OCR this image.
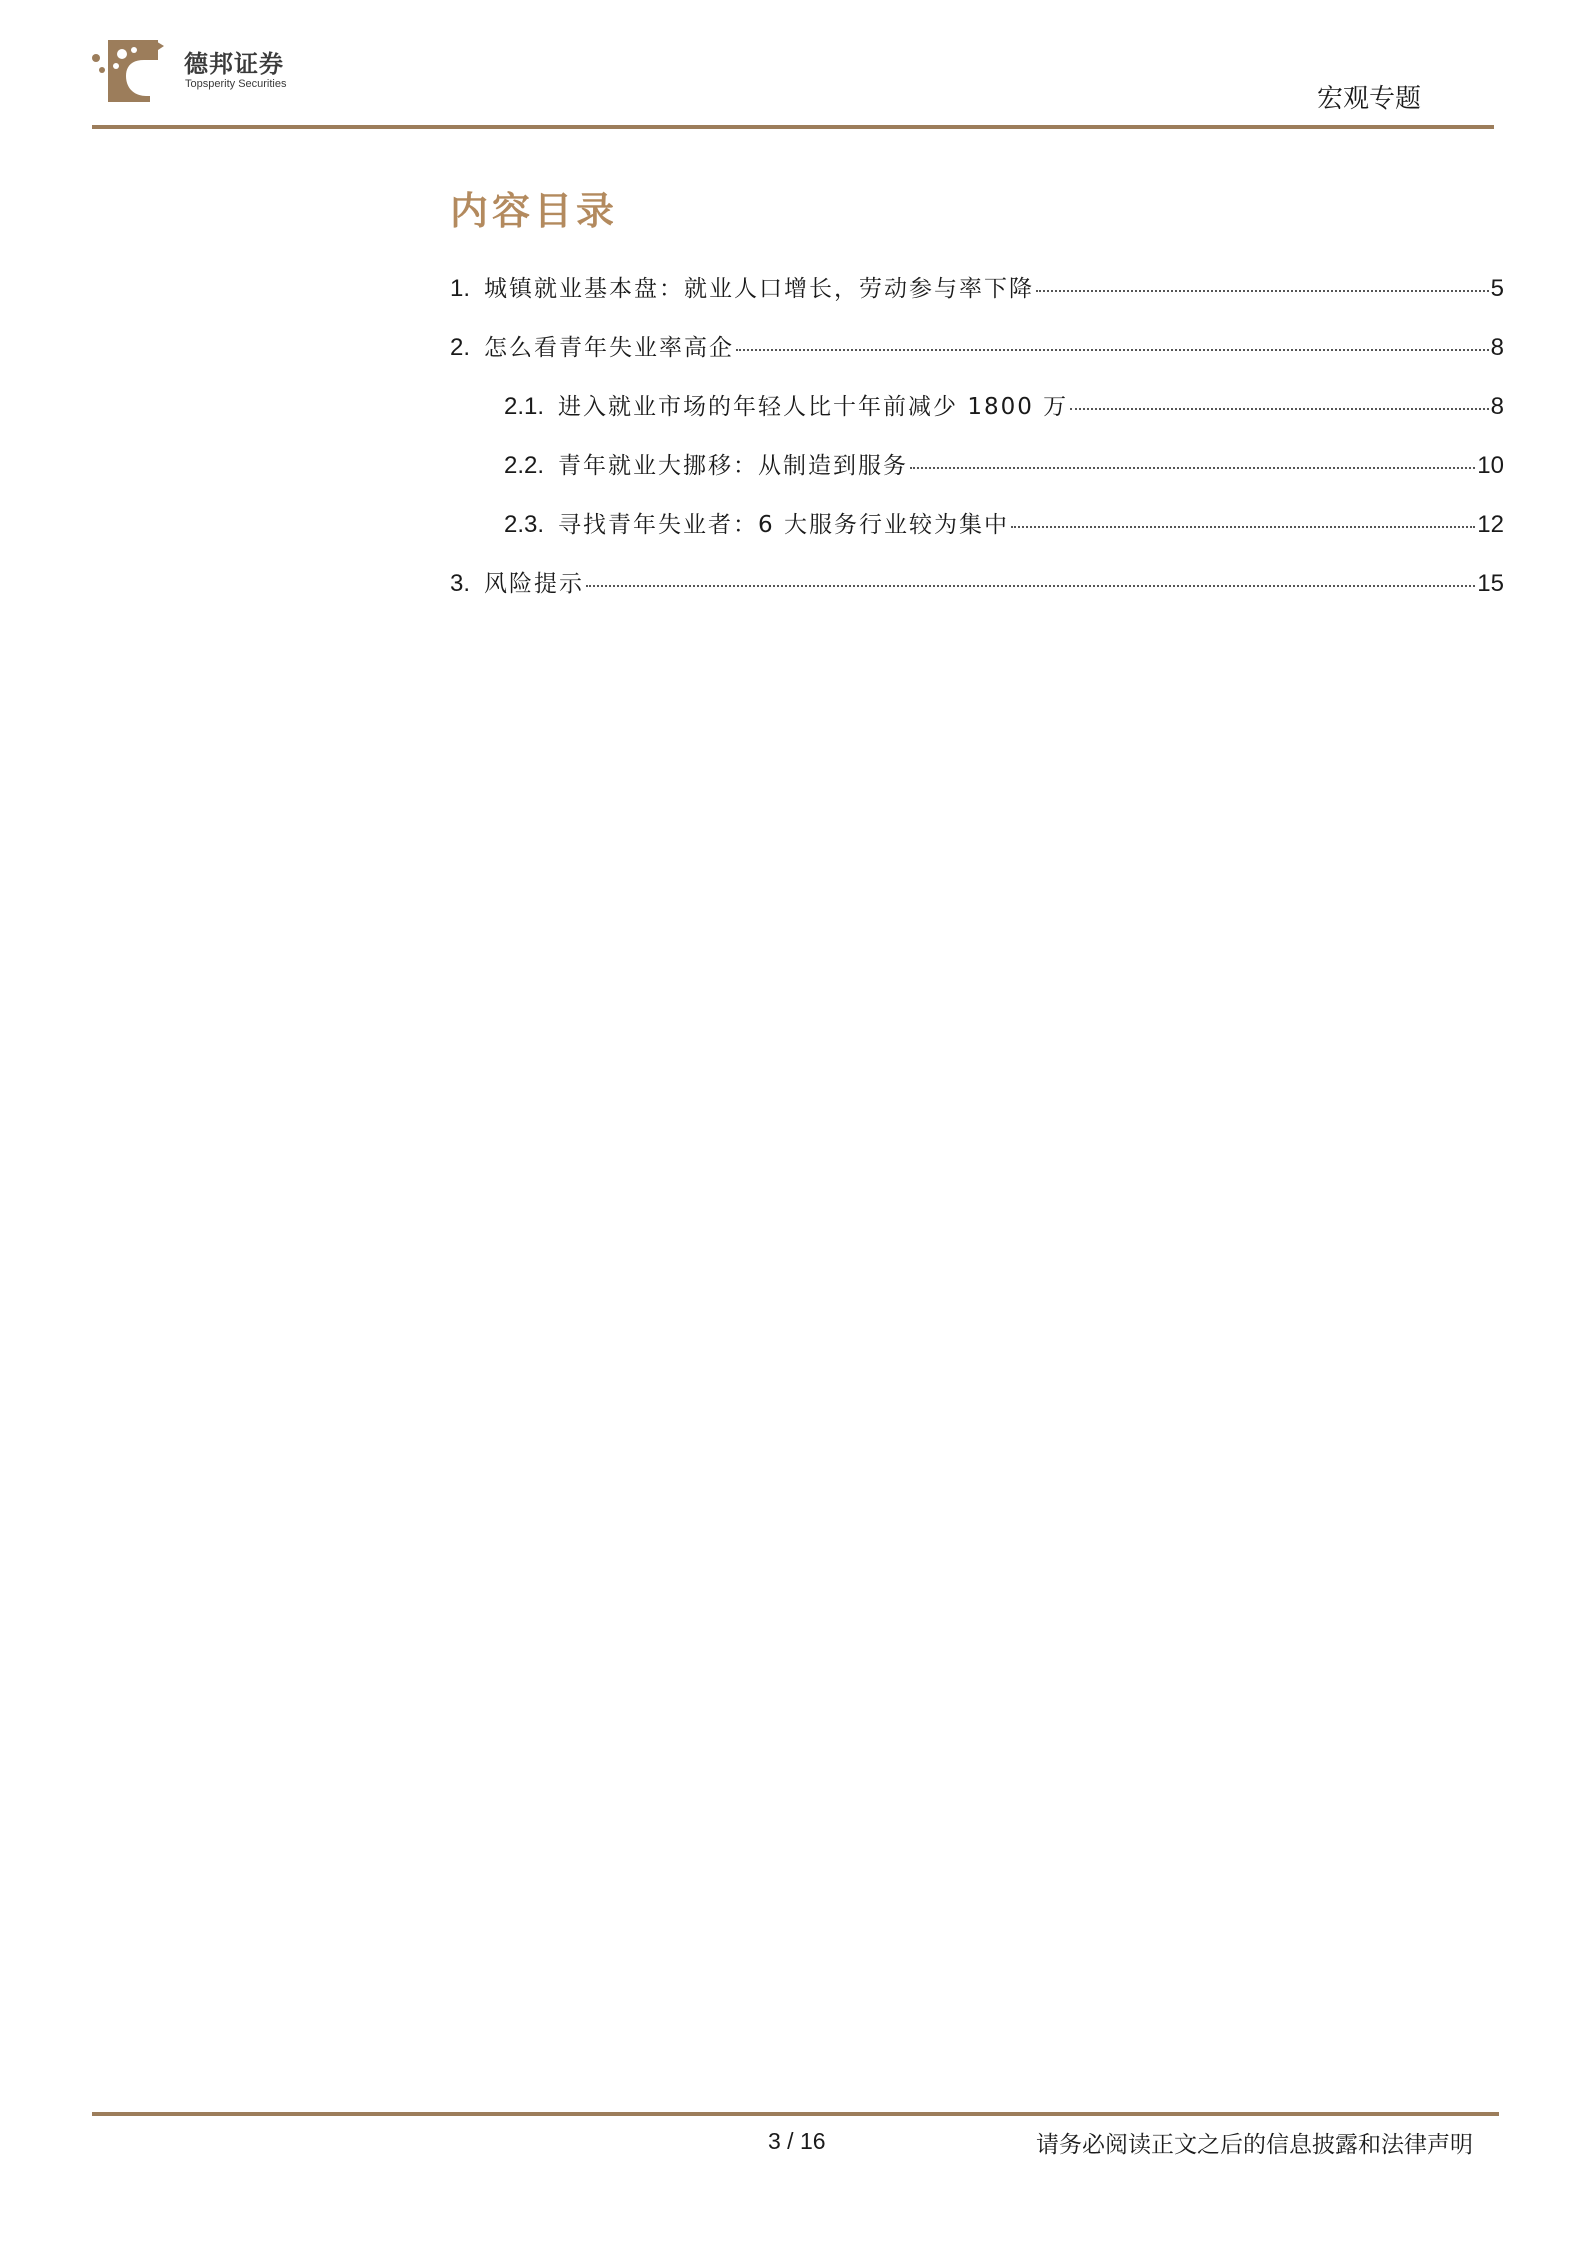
德邦证券
Topsperity Securities	宏观专题
内容目录
1. 城镇就业基本盘：就业人口增长，劳动参与率下降	5
2. 怎么看青年失业率高企	8
2.1. 进入就业市场的年轻人比十年前减少 1800 万	8
2.2. 青年就业大挪移：从制造到服务	10
2.3. 寻找青年失业者：6 大服务行业较为集中	12
3. 风险提示	15
3 / 16	请务必阅读正文之后的信息披露和法律声明
